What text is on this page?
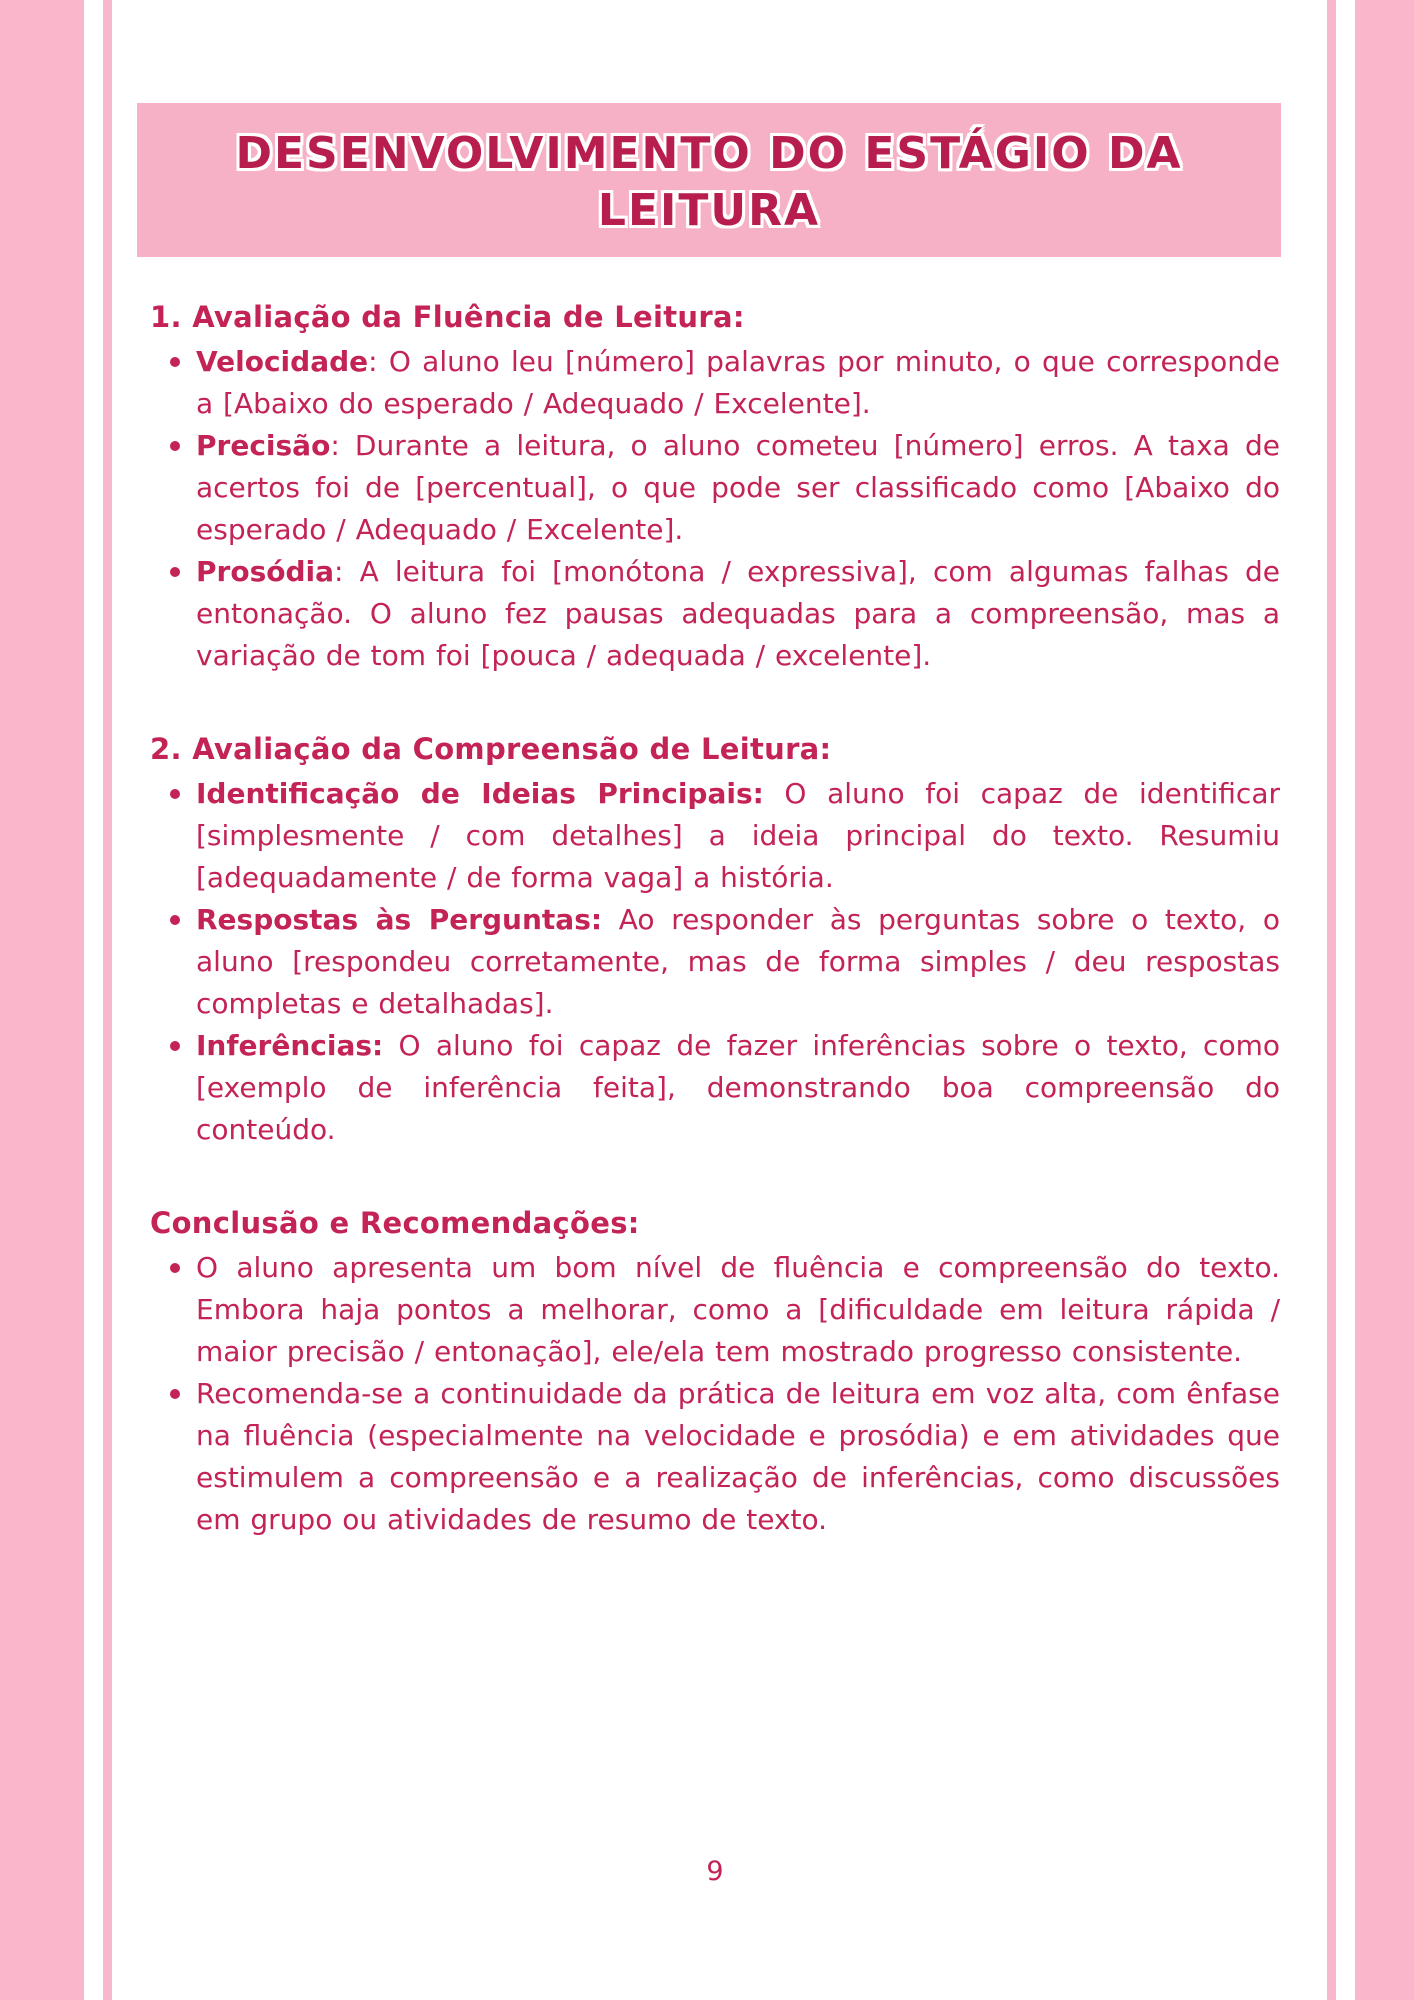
DESENVOLVIMENTO DO ESTÁGIO DA
LEITURA
1. Avaliação da Fluência de Leitura:

Velocidade: O aluno leu [número] palavras por minuto, o que corresponde a [Abaixo do esperado / Adequado / Excelente].

Precisão: Durante a leitura, o aluno cometeu [número] erros. A taxa de acertos foi de [percentual], o que pode ser classificado como [Abaixo do esperado / Adequado / Excelente].

Prosódia: A leitura foi [monótona / expressiva], com algumas falhas de entonação. O aluno fez pausas adequadas para a compreensão, mas a variação de tom foi [pouca / adequada / excelente].

2. Avaliação da Compreensão de Leitura:

Identificação de Ideias Principais: O aluno foi capaz de identificar [simplesmente / com detalhes] a ideia principal do texto. Resumiu [adequadamente / de forma vaga] a história.

Respostas às Perguntas: Ao responder às perguntas sobre o texto, o aluno [respondeu corretamente, mas de forma simples / deu respostas completas e detalhadas].

Inferências: O aluno foi capaz de fazer inferências sobre o texto, como [exemplo de inferência feita], demonstrando boa compreensão do conteúdo.

Conclusão e Recomendações:

O aluno apresenta um bom nível de fluência e compreensão do texto. Embora haja pontos a melhorar, como a [dificuldade em leitura rápida / maior precisão / entonação], ele/ela tem mostrado progresso consistente.

Recomenda-se a continuidade da prática de leitura em voz alta, com ênfase na fluência (especialmente na velocidade e prosódia) e em atividades que estimulem a compreensão e a realização de inferências, como discussões em grupo ou atividades de resumo de texto.

9
